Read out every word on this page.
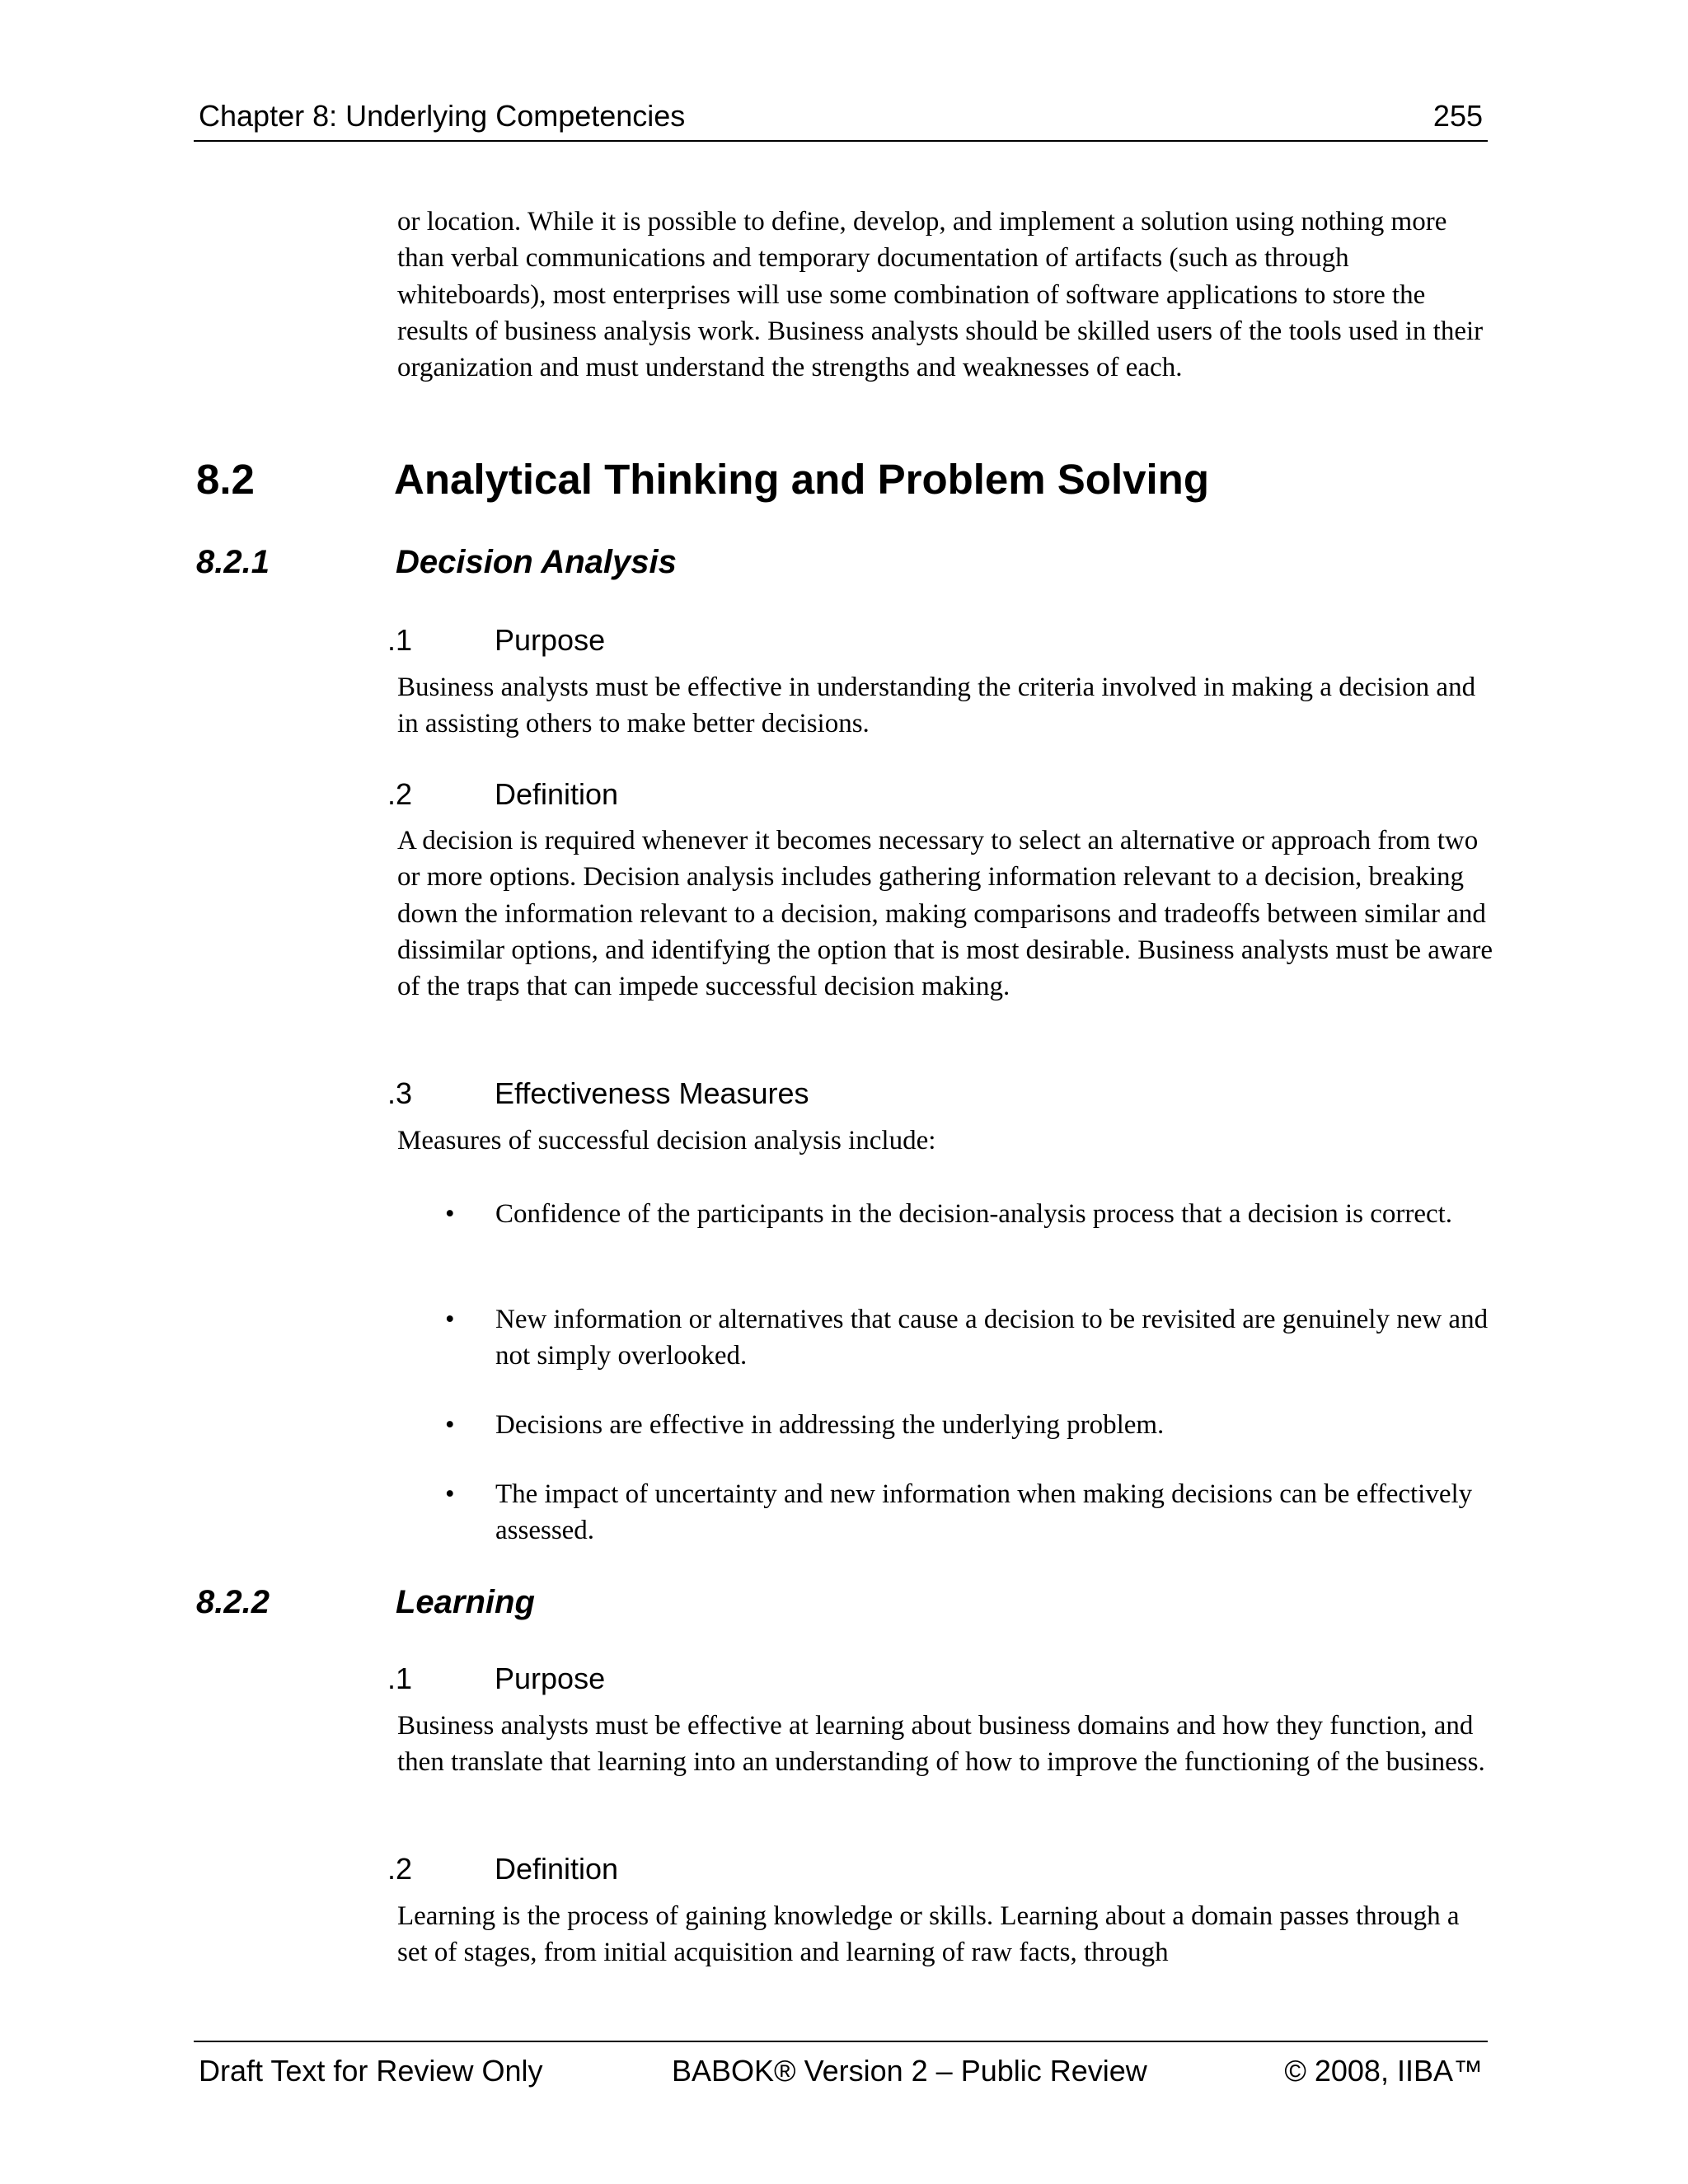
Chapter 8: Underlying Competencies	255
or location. While it is possible to define, develop, and implement a solution using nothing more than verbal communications and temporary documentation of artifacts (such as through whiteboards), most enterprises will use some combination of software applications to store the results of business analysis work. Business analysts should be skilled users of the tools used in their organization and must understand the strengths and weaknesses of each.
8.2	Analytical Thinking and Problem Solving
8.2.1	Decision Analysis
.1	Purpose
Business analysts must be effective in understanding the criteria involved in making a decision and in assisting others to make better decisions.
.2	Definition
A decision is required whenever it becomes necessary to select an alternative or approach from two or more options. Decision analysis includes gathering information relevant to a decision, breaking down the information relevant to a decision, making comparisons and tradeoffs between similar and dissimilar options, and identifying the option that is most desirable. Business analysts must be aware of the traps that can impede successful decision making.
.3	Effectiveness Measures
Measures of successful decision analysis include:
• Confidence of the participants in the decision-analysis process that a decision is correct.
• New information or alternatives that cause a decision to be revisited are genuinely new and not simply overlooked.
• Decisions are effective in addressing the underlying problem.
• The impact of uncertainty and new information when making decisions can be effectively assessed.
8.2.2	Learning
.1	Purpose
Business analysts must be effective at learning about business domains and how they function, and then translate that learning into an understanding of how to improve the functioning of the business.
.2	Definition
Learning is the process of gaining knowledge or skills. Learning about a domain passes through a set of stages, from initial acquisition and learning of raw facts, through
Draft Text for Review Only	BABOK® Version 2 – Public Review	© 2008, IIBA™
